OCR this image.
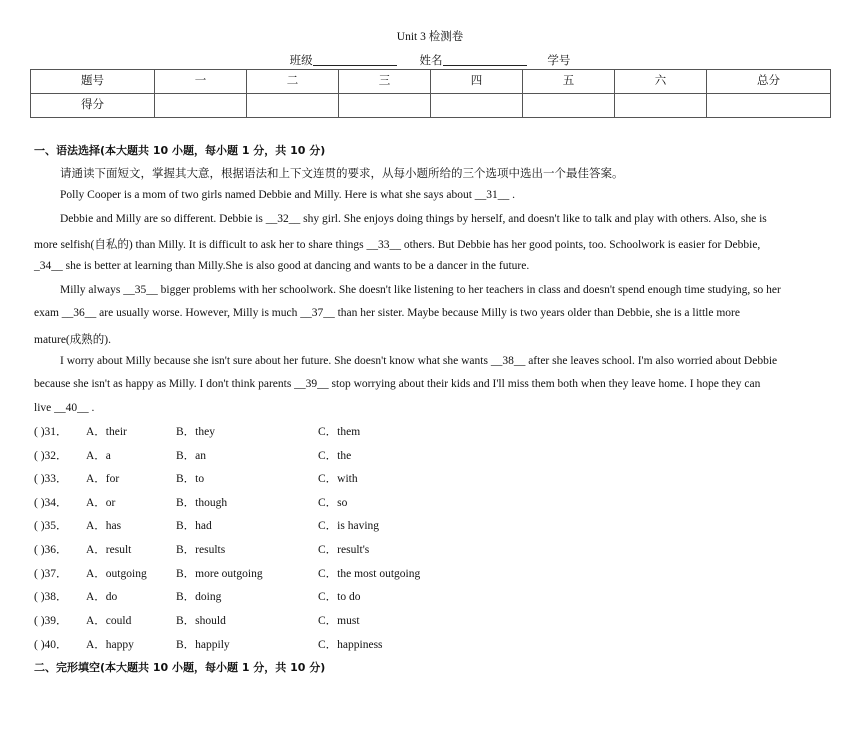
Unit 3 检测卷
班级	姓名	学号
题号	一	二	三	四	五	六	总分
得分							
一、语法选择(本大题共 10 小题，每小题 1 分，共 10 分)
请通读下面短文，掌握其大意，根据语法和上下文连贯的要求，从每小题所给的三个选项中选出一个最佳答案。
Polly Cooper is a mom of two girls named Debbie and Milly. Here is what she says about __31__ .
Debbie and Milly are so different. Debbie is __32__ shy girl. She enjoys doing things by herself, and doesn't like to talk and play with others. Also, she is
more selfish(自私的) than Milly. It is difficult to ask her to share things __33__ others. But Debbie has her good points, too. Schoolwork is easier for Debbie,
_34__ she is better at learning than Milly.She is also good at dancing and wants to be a dancer in the future.
Milly always __35__ bigger problems with her schoolwork. She doesn't like listening to her teachers in class and doesn't spend enough time studying, so her
exam __36__ are usually worse. However, Milly is much __37__ than her sister. Maybe because Milly is two years older than Debbie, she is a little more
mature(成熟的).
I worry about Milly because she isn't sure about her future. She doesn't know what she wants __38__ after she leaves school. I'm also worried about Debbie
because she isn't as happy as Milly. I don't think parents __39__ stop worrying about their kids and I'll miss them both when they leave home. I hope they can
live __40__ .
( )31． A．their	B．they	C．them
( )32． A．a	B．an	C．the
( )33． A．for	B．to	C．with
( )34． A．or	B．though	C．so
( )35． A．has	B．had	C．is having
( )36． A．result	B．results	C．result's
( )37． A．outgoing	B．more outgoing	C．the most outgoing
( )38． A．do	B．doing	C．to do
( )39． A．could	B．should	C．must
( )40． A．happy	B．happily	C．happiness
二、完形填空(本大题共 10 小题，每小题 1 分，共 10 分)
